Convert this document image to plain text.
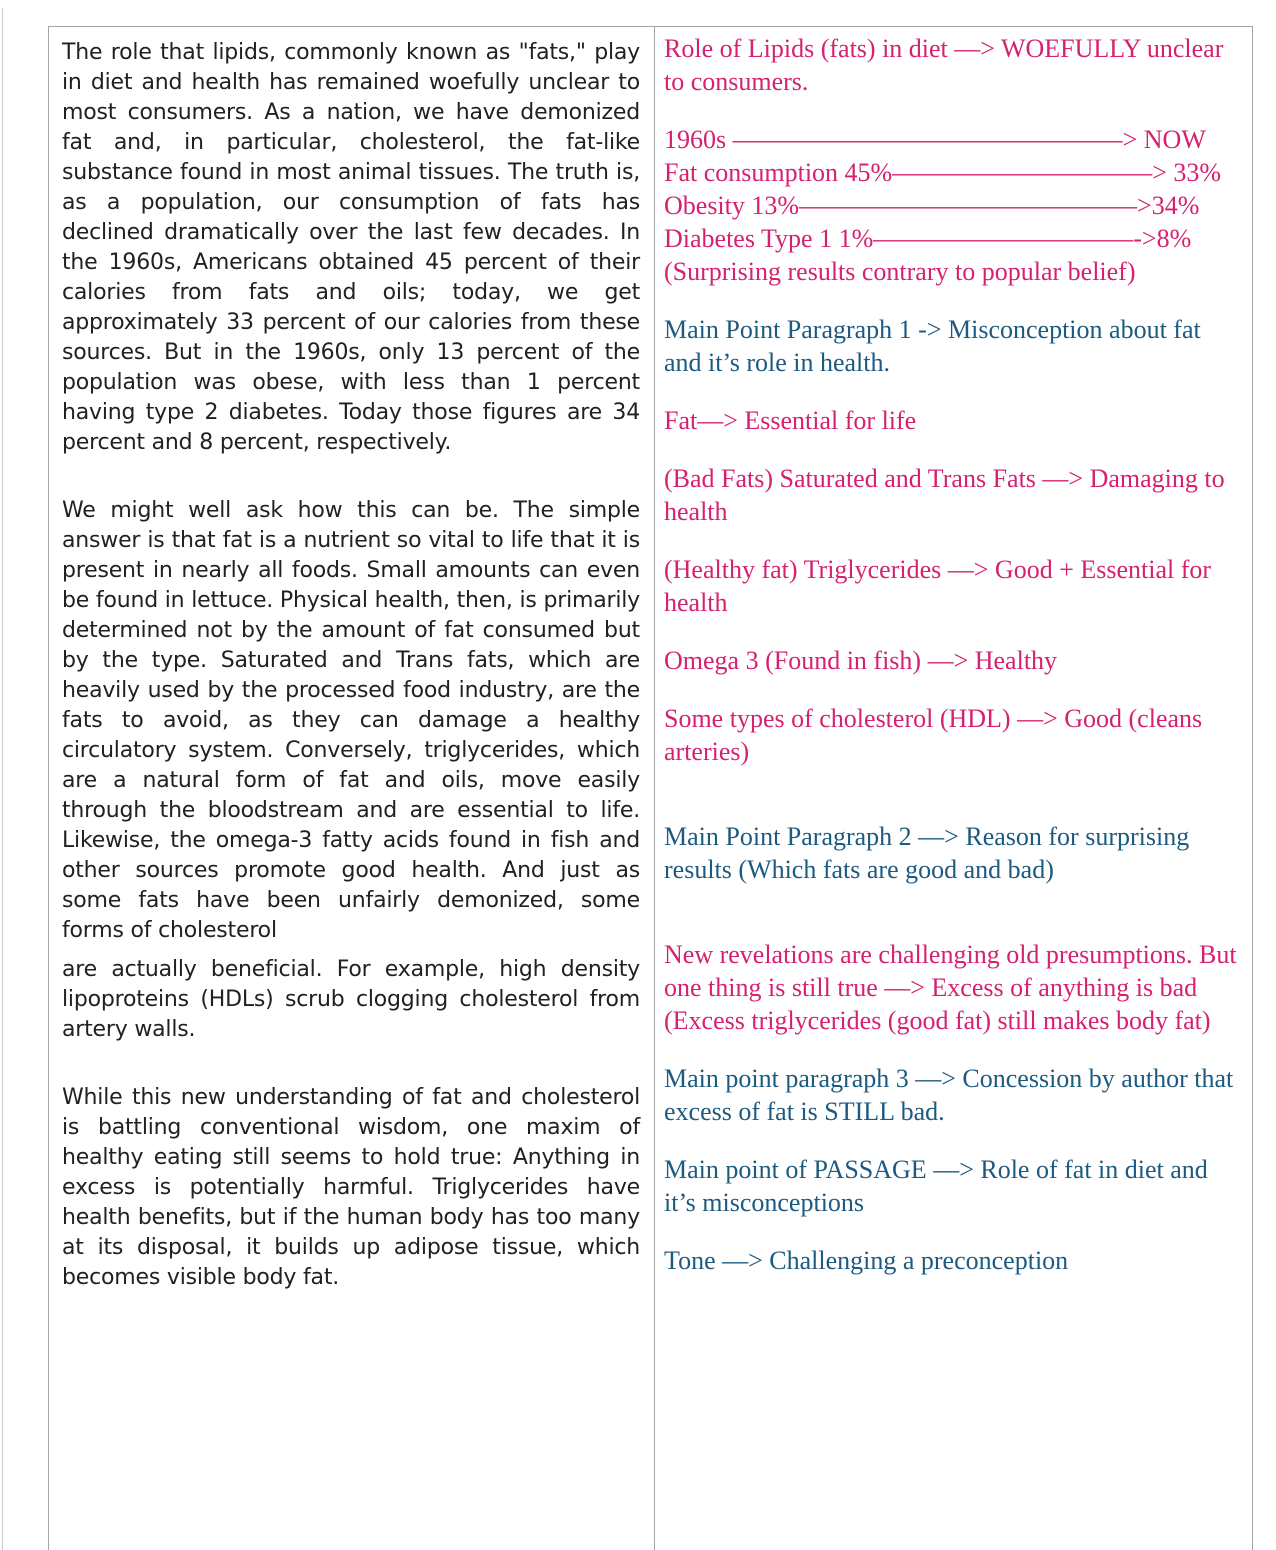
The role that lipids, commonly known as "fats," play in diet and health has remained woefully unclear to most consumers. As a nation, we have demonized fat and, in particular, cholesterol, the fat-like substance found in most animal tissues. The truth is, as a population, our consumption of fats has declined dramatically over the last few decades. In the 1960s, Americans obtained 45 percent of their calories from fats and oils; today, we get approximately 33 percent of our calories from these sources. But in the 1960s, only 13 percent of the population was obese, with less than 1 percent having type 2 diabetes. Today those figures are 34 percent and 8 percent, respectively.

We might well ask how this can be. The simple answer is that fat is a nutrient so vital to life that it is present in nearly all foods. Small amounts can even be found in lettuce. Physical health, then, is primarily determined not by the amount of fat consumed but by the type. Saturated and Trans fats, which are heavily used by the processed food industry, are the fats to avoid, as they can damage a healthy circulatory system. Conversely, triglycerides, which are a natural form of fat and oils, move easily through the bloodstream and are essential to life. Likewise, the omega-3 fatty acids found in fish and other sources promote good health. And just as some fats have been unfairly demonized, some forms of cholesterol

are actually beneficial. For example, high density lipoproteins (HDLs) scrub clogging cholesterol from artery walls.

While this new understanding of fat and cholesterol is battling conventional wisdom, one maxim of healthy eating still seems to hold true: Anything in excess is potentially harmful. Triglycerides have health benefits, but if the human body has too many at its disposal, it builds up adipose tissue, which becomes visible body fat.

Role of Lipids (fats) in diet —> WOEFULLY unclear to consumers.
1960s ———————————————> NOW
Fat consumption 45%——————————> 33%
Obesity 13%—————————————>34%
Diabetes Type 1 1%——————————->8%
(Surprising results contrary to popular belief)
Main Point Paragraph 1 -> Misconception about fat and it’s role in health.
Fat—> Essential for life
(Bad Fats) Saturated and Trans Fats —> Damaging to health
(Healthy fat) Triglycerides —> Good + Essential for health
Omega 3 (Found in fish) —> Healthy
Some types of cholesterol (HDL) —> Good (cleans arteries)
Main Point Paragraph 2 —> Reason for surprising results (Which fats are good and bad)
New revelations are challenging old presumptions. But one thing is still true —> Excess of anything is bad (Excess triglycerides (good fat) still makes body fat)
Main point paragraph 3 —> Concession by author that excess of fat is STILL bad.
Main point of PASSAGE —> Role of fat in diet and it’s misconceptions
Tone —> Challenging a preconception
